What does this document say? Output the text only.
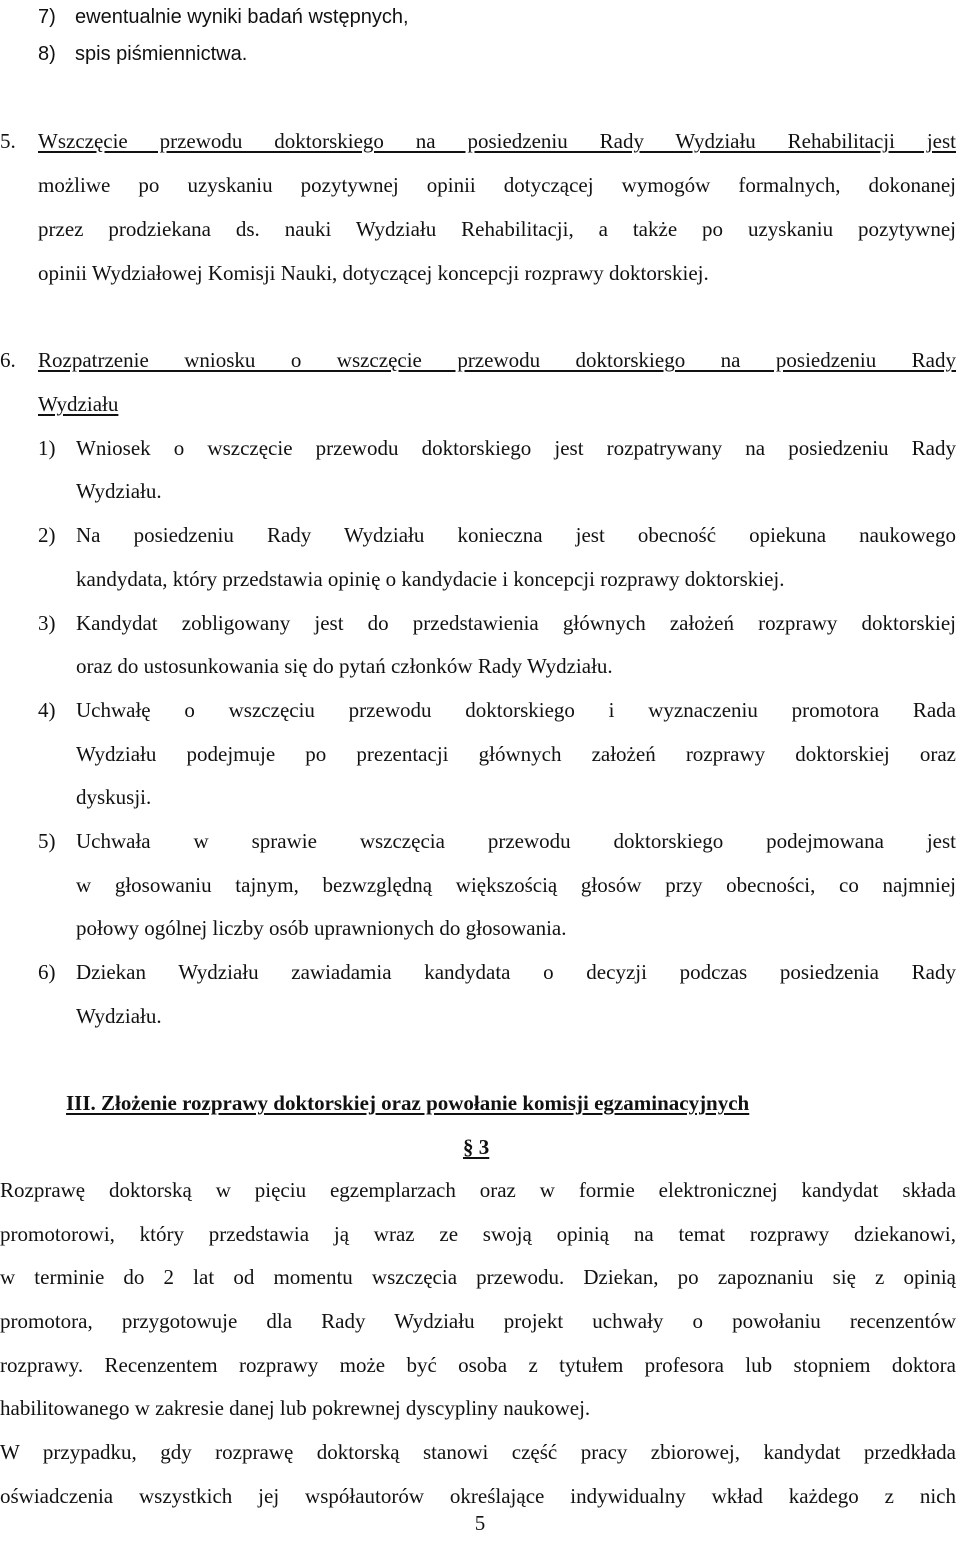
7) ewentualnie wyniki badań wstępnych,
8) spis piśmiennictwa.
5. Wszczęcie przewodu doktorskiego na posiedzeniu Rady Wydziału Rehabilitacji jest
możliwe po uzyskaniu pozytywnej opinii dotyczącej wymogów formalnych, dokonanej
przez prodziekana ds. nauki Wydziału Rehabilitacji, a także po uzyskaniu pozytywnej
opinii Wydziałowej Komisji Nauki, dotyczącej koncepcji rozprawy doktorskiej.
6. Rozpatrzenie wniosku o wszczęcie przewodu doktorskiego na posiedzeniu Rady
Wydziału
1) Wniosek o wszczęcie przewodu doktorskiego jest rozpatrywany na posiedzeniu Rady
Wydziału.
2) Na posiedzeniu Rady Wydziału konieczna jest obecność opiekuna naukowego
kandydata, który przedstawia opinię o kandydacie i koncepcji rozprawy doktorskiej.
3) Kandydat zobligowany jest do przedstawienia głównych założeń rozprawy doktorskiej
oraz do ustosunkowania się do pytań członków Rady Wydziału.
4) Uchwałę o wszczęciu przewodu doktorskiego i wyznaczeniu promotora Rada
Wydziału podejmuje po prezentacji głównych założeń rozprawy doktorskiej oraz
dyskusji.
5) Uchwała w sprawie wszczęcia przewodu doktorskiego podejmowana jest
w głosowaniu tajnym, bezwzględną większością głosów przy obecności, co najmniej
połowy ogólnej liczby osób uprawnionych do głosowania.
6) Dziekan Wydziału zawiadamia kandydata o decyzji podczas posiedzenia Rady
Wydziału.
III. Złożenie rozprawy doktorskiej oraz powołanie komisji egzaminacyjnych
§ 3
Rozprawę doktorską w pięciu egzemplarzach oraz w formie elektronicznej kandydat składa
promotorowi, który przedstawia ją wraz ze swoją opinią na temat rozprawy dziekanowi,
w terminie do 2 lat od momentu wszczęcia przewodu. Dziekan, po zapoznaniu się z opinią
promotora, przygotowuje dla Rady Wydziału projekt uchwały o powołaniu recenzentów
rozprawy. Recenzentem rozprawy może być osoba z tytułem profesora lub stopniem doktora
habilitowanego w zakresie danej lub pokrewnej dyscypliny naukowej.
W przypadku, gdy rozprawę doktorską stanowi część pracy zbiorowej, kandydat przedkłada
oświadczenia wszystkich jej współautorów określające indywidualny wkład każdego z nich
5
